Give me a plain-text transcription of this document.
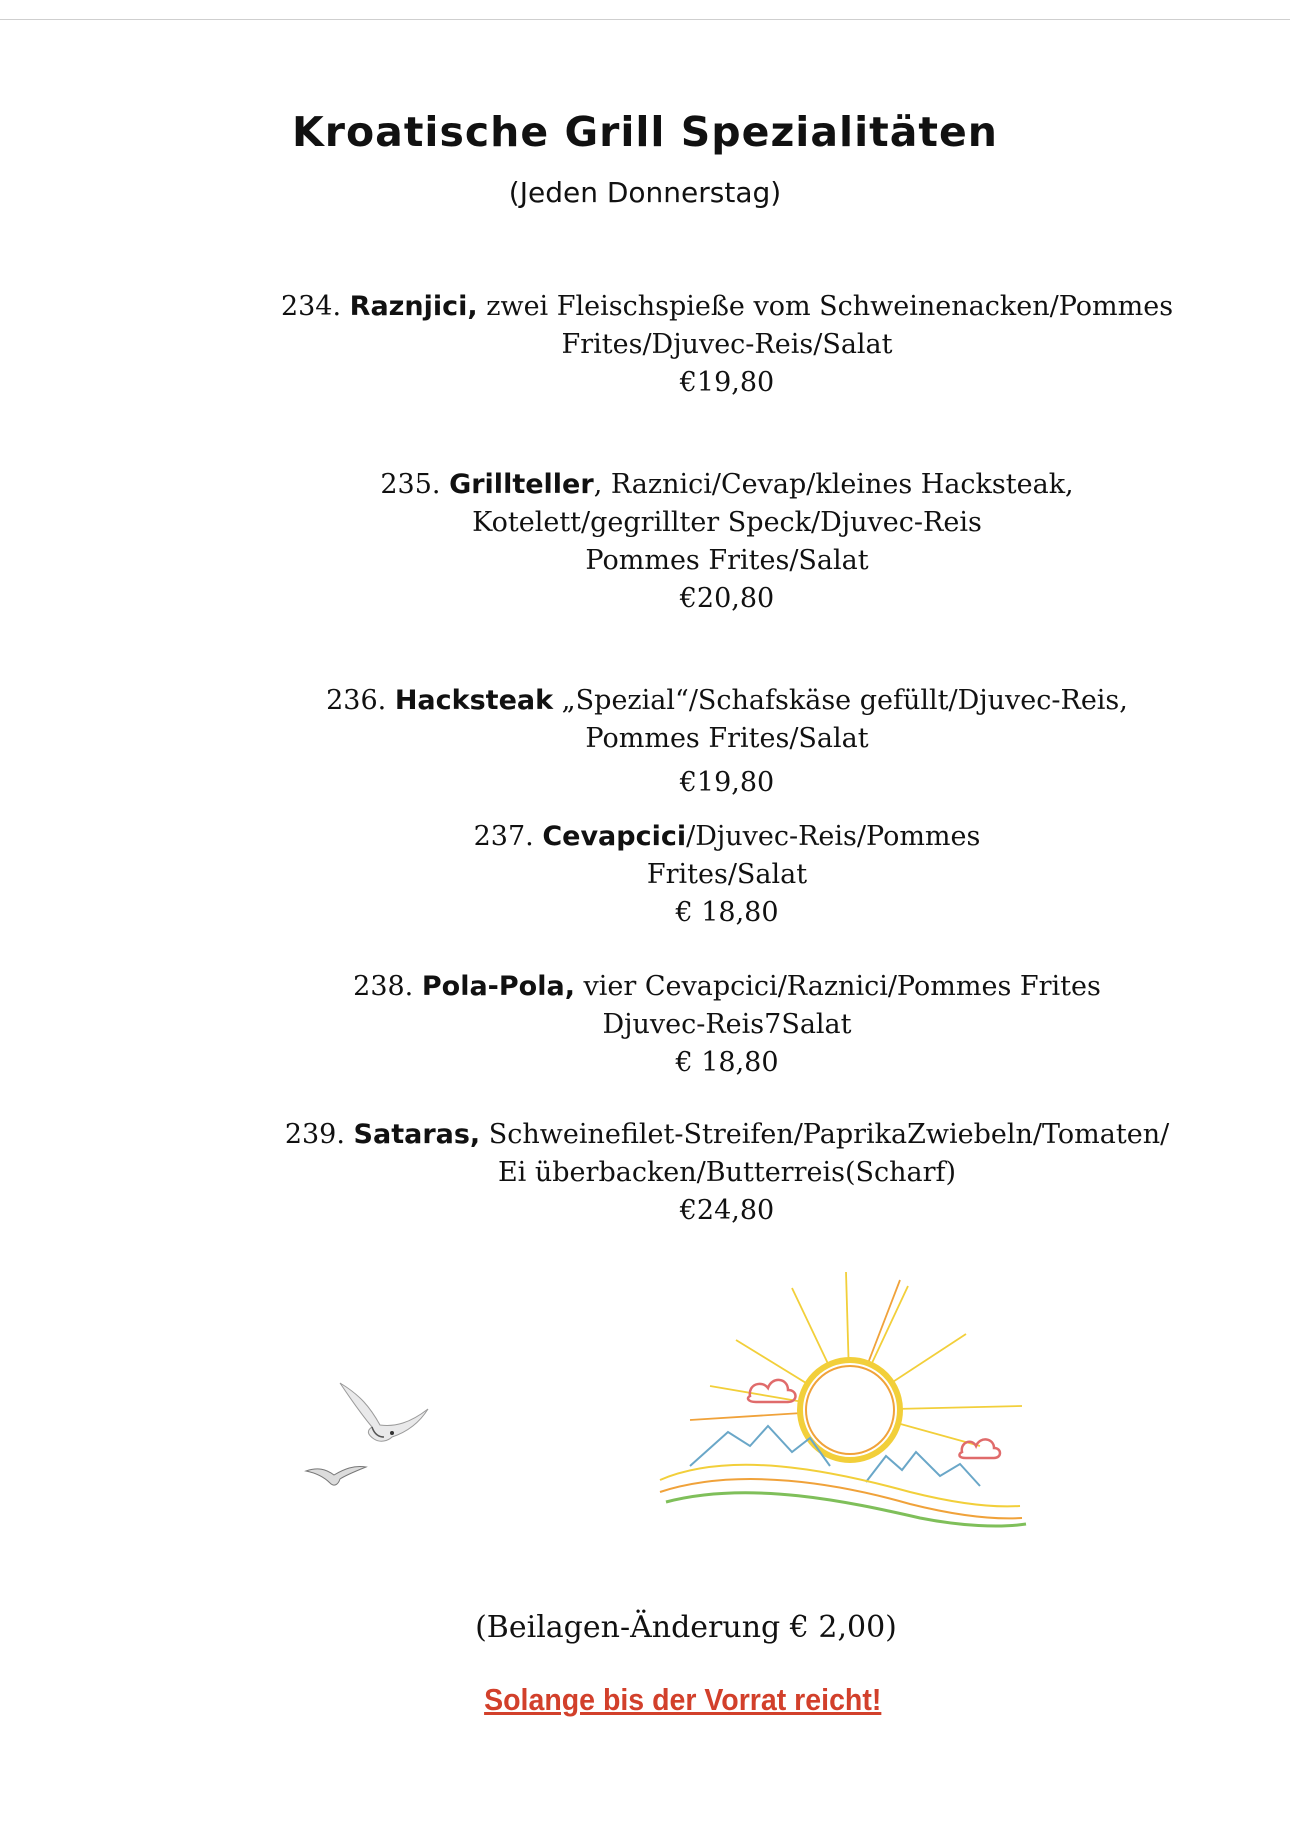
Kroatische Grill Spezialitäten
(Jeden Donnerstag)
234. Raznjici, zwei Fleischspieße vom Schweinenacken/Pommes
Frites/Djuvec-Reis/Salat
€19,80
235. Grillteller, Raznici/Cevap/kleines Hacksteak,
Kotelett/gegrillter Speck/Djuvec-Reis
Pommes Frites/Salat
€20,80
236. Hacksteak „Spezial“/Schafskäse gefüllt/Djuvec-Reis,
Pommes Frites/Salat
€19,80
237. Cevapcici/Djuvec-Reis/Pommes
Frites/Salat
€ 18,80
238. Pola-Pola, vier Cevapcici/Raznici/Pommes Frites
Djuvec-Reis7Salat
€ 18,80
239. Sataras, Schweinefilet-Streifen/PaprikaZwiebeln/Tomaten/
Ei überbacken/Butterreis(Scharf)
€24,80
(Beilagen-Änderung € 2,00)
Solange bis der Vorrat reicht!
